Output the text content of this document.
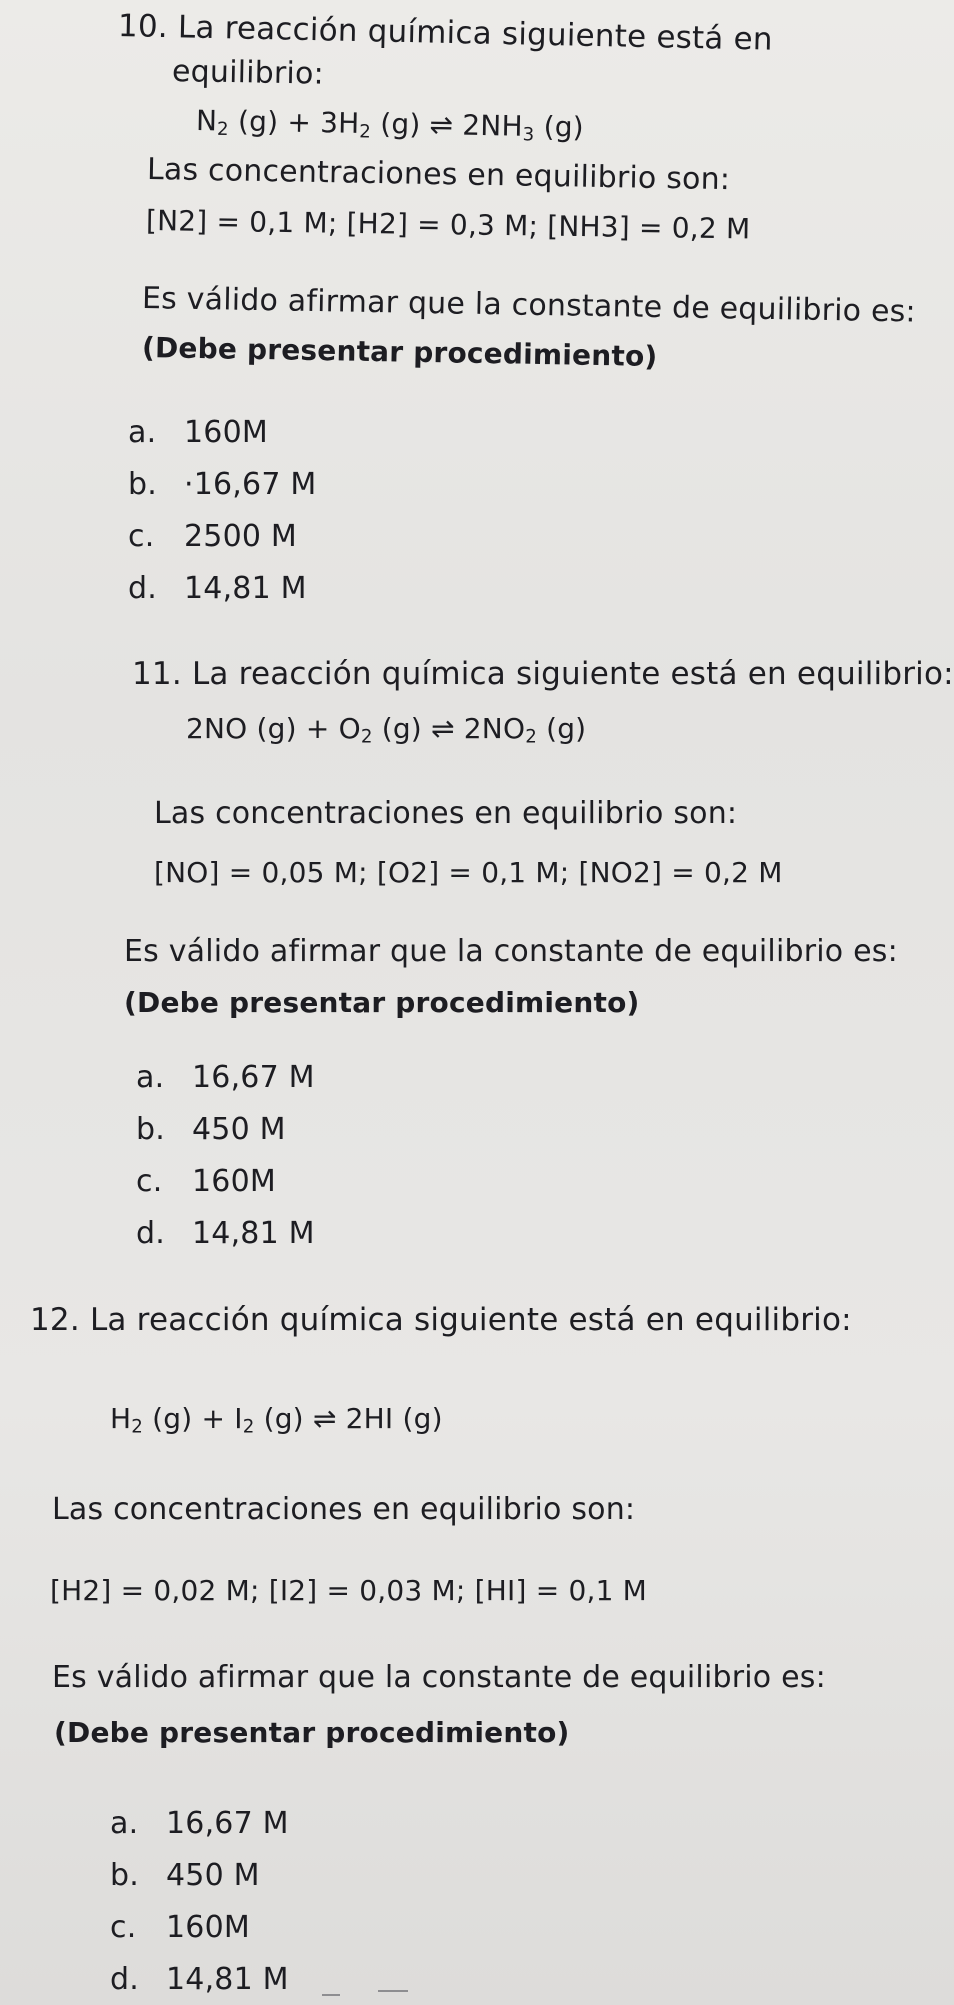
10. La reacción química siguiente está en
equilibrio:
$N_2$ $(g) + 3H_2$ (g) ⇌ $2NH_3$ (g)
Las concentraciones en equilibrio son:
[N2] = 0,1 M; [H2] = 0,3 M; [NH3] = 0,2 M
Es válido afirmar que la constante de equilibrio es:
(Debe presentar procedimiento)
a. 160M
b. ·16,67 M
c. 2500 M
d. 14,81 M
11. La reacción química siguiente está en equilibrio:
2NO $(g) + O_2$ (g) ⇌ $2NO_2$ (g)
Las concentraciones en equilibrio son:
[NO] = 0,05 M; [O2] = 0,1 M; [NO2] = 0,2 M
Es válido afirmar que la constante de equilibrio es:
(Debe presentar procedimiento)
a. 16,67 M
b. 450 M
c. 160M
d. 14,81 M
12. La reacción química siguiente está en equilibrio:
$H_2$ $(g) + I_2$ (g) ⇌ 2HI (g)
Las concentraciones en equilibrio son:
[H2] = 0,02 M; [I2] = 0,03 M; [HI] = 0,1 M
Es válido afirmar que la constante de equilibrio es:
(Debe presentar procedimiento)
a. 16,67 M
b. 450 M
c. 160M
d. 14,81 M
